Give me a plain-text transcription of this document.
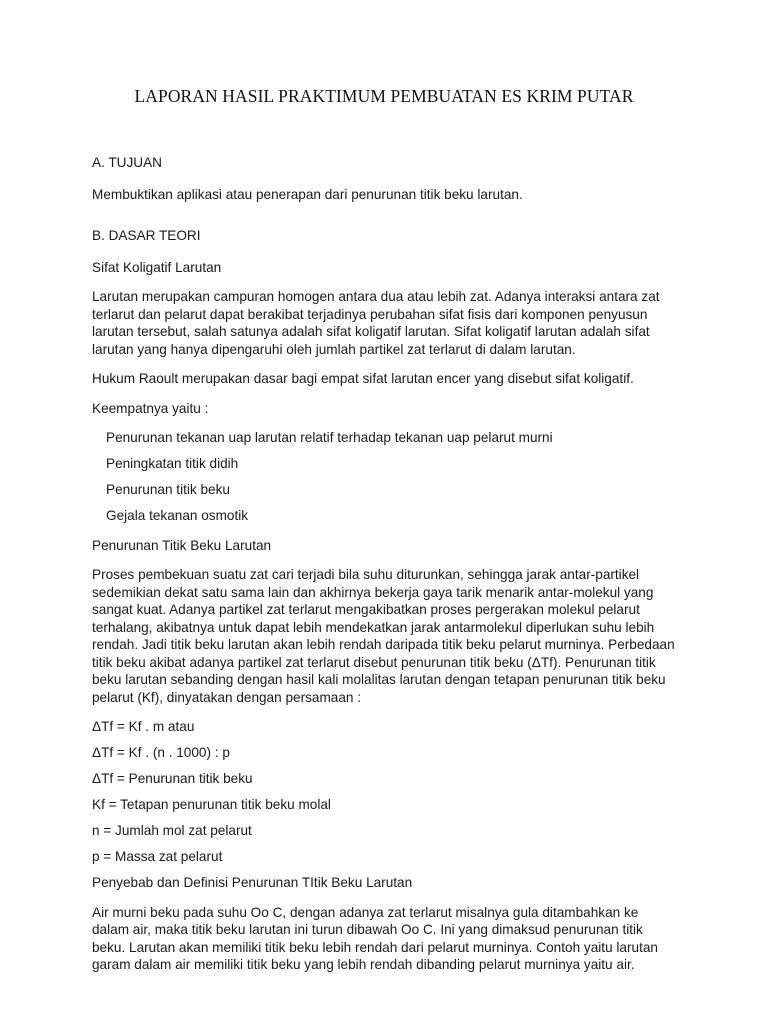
LAPORAN HASIL PRAKTIMUM PEMBUATAN ES KRIM PUTAR

A. TUJUAN

Membuktikan aplikasi atau penerapan dari penurunan titik beku larutan.

B. DASAR TEORI

Sifat Koligatif Larutan

Larutan merupakan campuran homogen antara dua atau lebih zat. Adanya interaksi antara zat terlarut dan pelarut dapat berakibat terjadinya perubahan sifat fisis dari komponen penyusun larutan tersebut, salah satunya adalah sifat koligatif larutan. Sifat koligatif larutan adalah sifat larutan yang hanya dipengaruhi oleh jumlah partikel zat terlarut di dalam larutan.

Hukum Raoult merupakan dasar bagi empat sifat larutan encer yang disebut sifat koligatif.

Keempatnya yaitu :

Penurunan tekanan uap larutan relatif terhadap tekanan uap pelarut murni

Peningkatan titik didih

Penurunan titik beku

Gejala tekanan osmotik

Penurunan Titik Beku Larutan

Proses pembekuan suatu zat cari terjadi bila suhu diturunkan, sehingga jarak antar-partikel sedemikian dekat satu sama lain dan akhirnya bekerja gaya tarik menarik antar-molekul yang sangat kuat. Adanya partikel zat terlarut mengakibatkan proses pergerakan molekul pelarut terhalang, akibatnya untuk dapat lebih mendekatkan jarak antarmolekul diperlukan suhu lebih rendah. Jadi titik beku larutan akan lebih rendah daripada titik beku pelarut murninya. Perbedaan titik beku akibat adanya partikel zat terlarut disebut penurunan titik beku (ΔTf). Penurunan titik beku larutan sebanding dengan hasil kali molalitas larutan dengan tetapan penurunan titik beku pelarut (Kf), dinyatakan dengan persamaan :

ΔTf = Kf . m atau

ΔTf = Kf . (n . 1000) : p

ΔTf = Penurunan titik beku

Kf = Tetapan penurunan titik beku molal

n = Jumlah mol zat pelarut

p = Massa zat pelarut

Penyebab dan Definisi Penurunan TItik Beku Larutan

Air murni beku pada suhu Oo C, dengan adanya zat terlarut misalnya gula ditambahkan ke dalam air, maka titik beku larutan ini turun dibawah Oo C. Ini yang dimaksud penurunan titik beku. Larutan akan memiliki titik beku lebih rendah dari pelarut murninya. Contoh yaitu larutan garam dalam air memiliki titik beku yang lebih rendah dibanding pelarut murninya yaitu air.
